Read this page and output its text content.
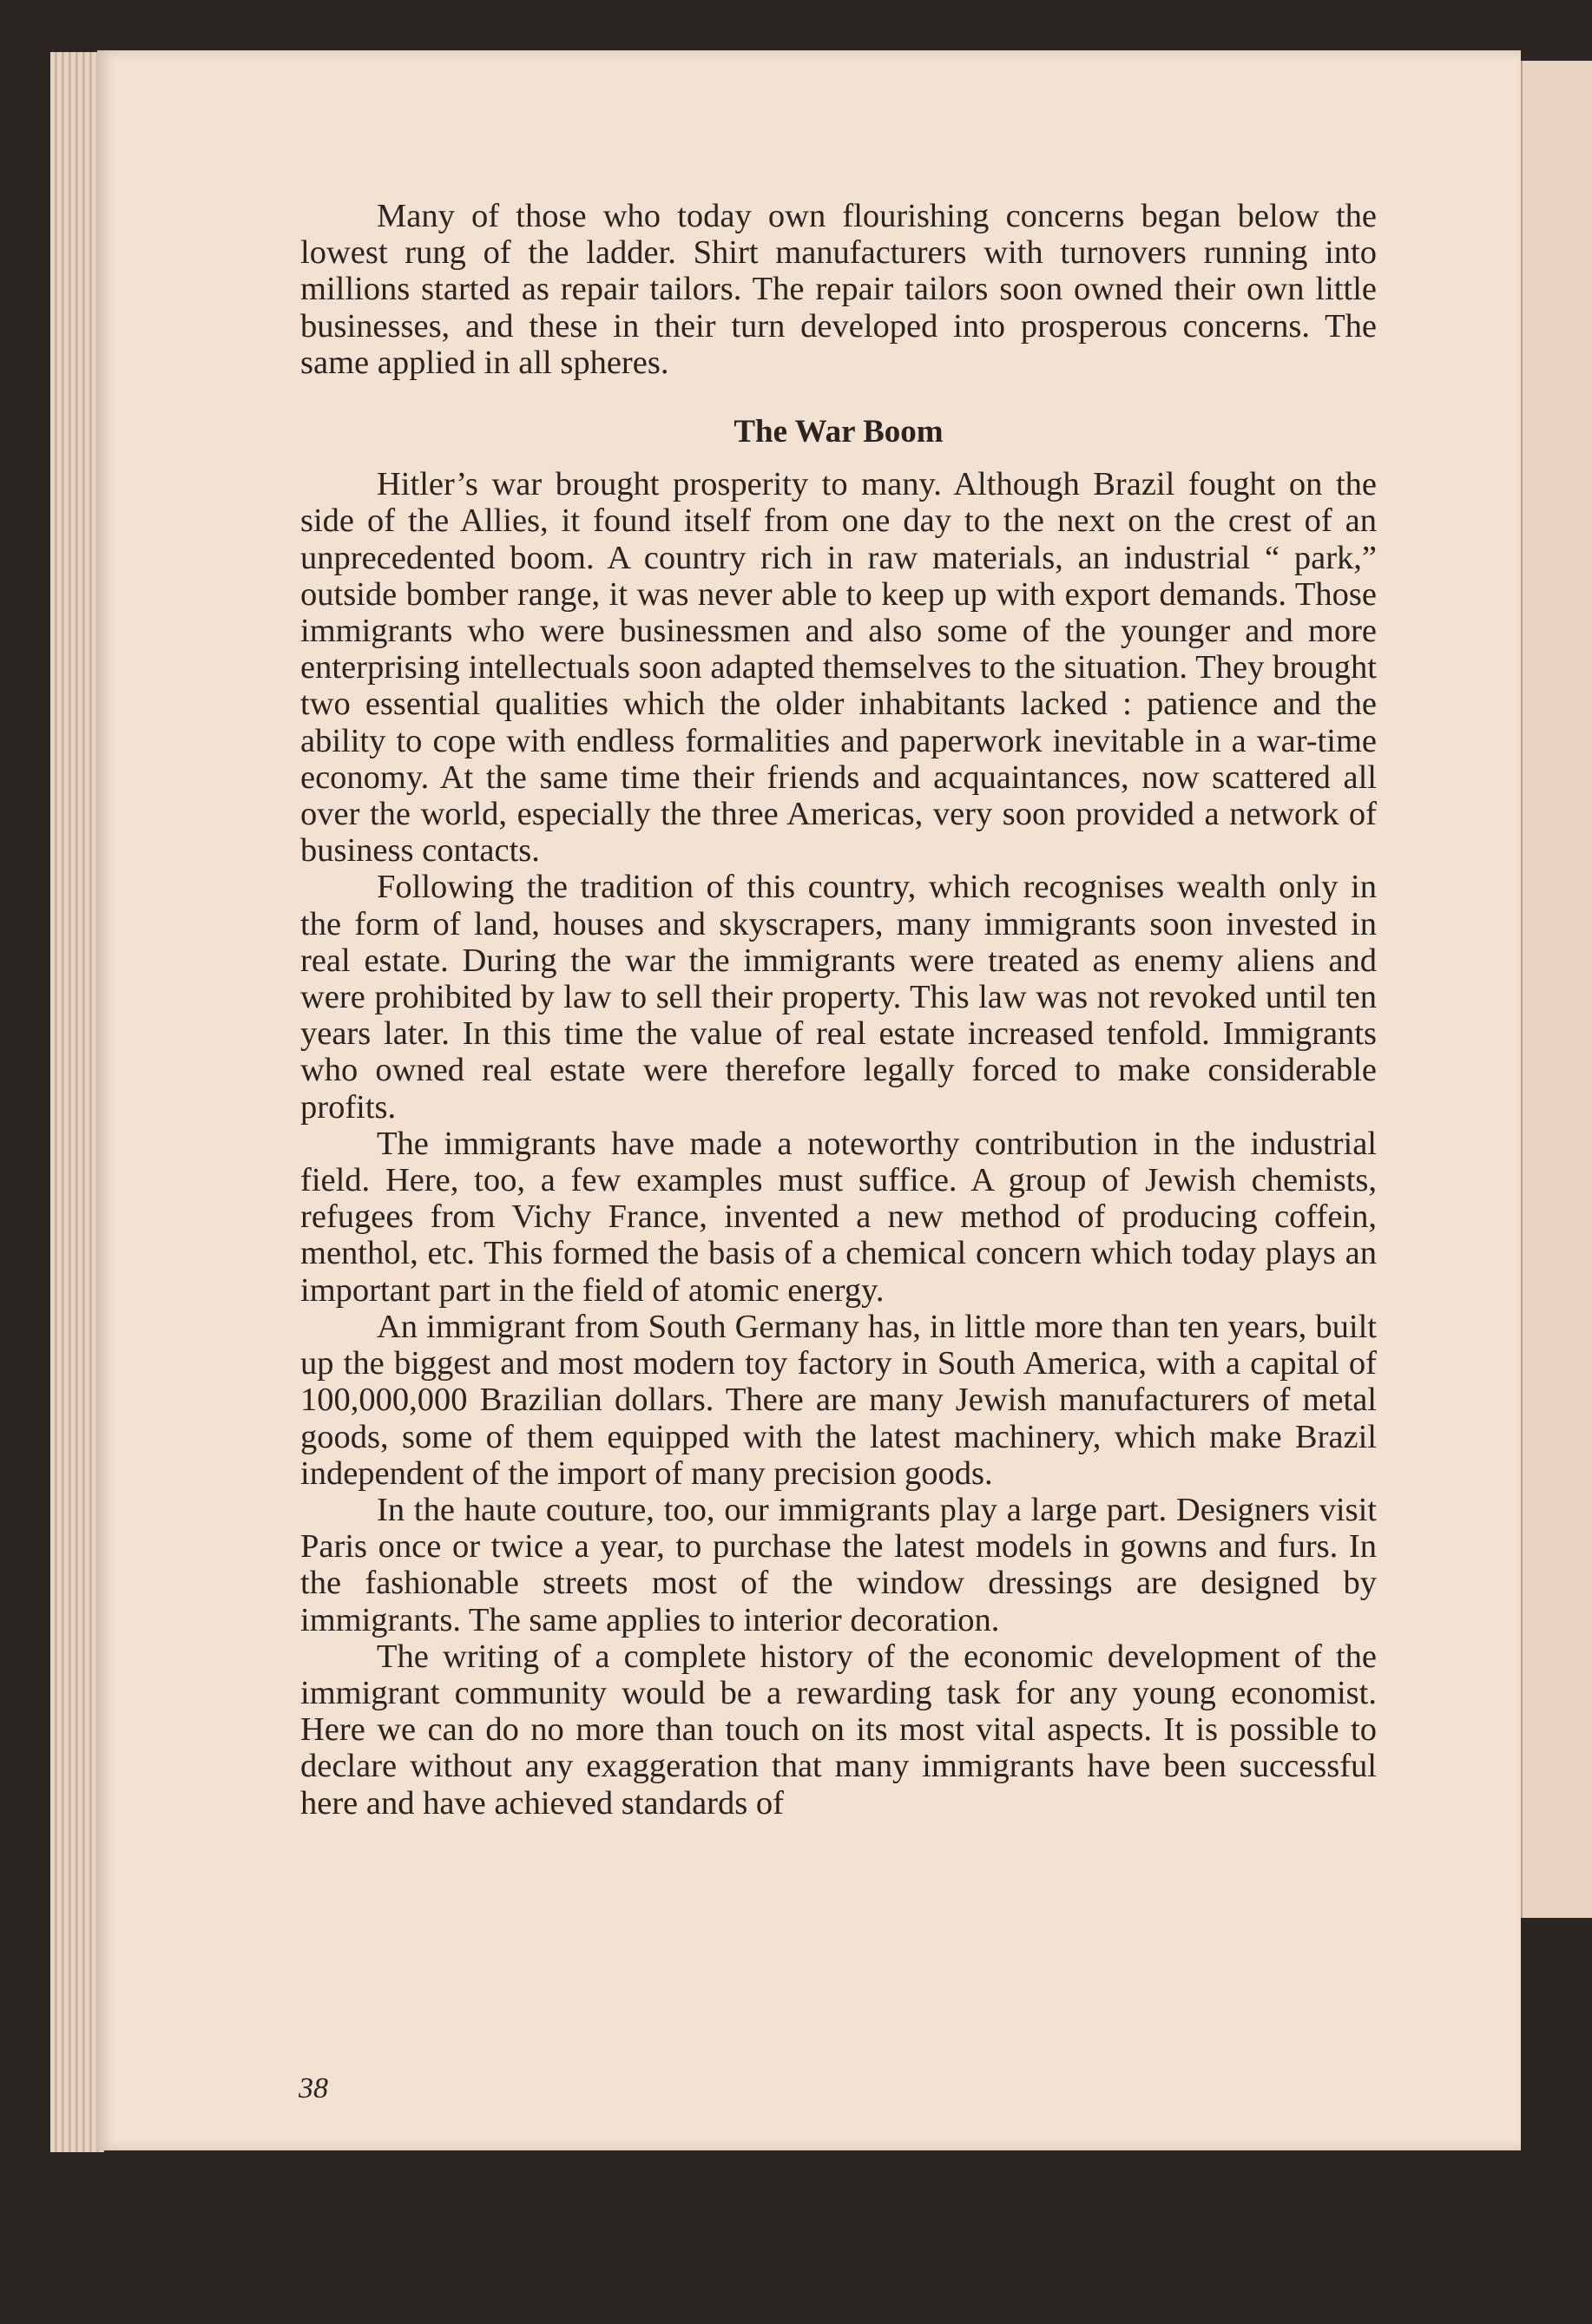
Many of those who today own flourishing concerns began below the lowest rung of the ladder. Shirt manufacturers with turnovers running into millions started as repair tailors. The repair tailors soon owned their own little businesses, and these in their turn developed into prosperous concerns. The same applied in all spheres.

The War Boom

Hitler’s war brought prosperity to many. Although Brazil fought on the side of the Allies, it found itself from one day to the next on the crest of an unprecedented boom. A country rich in raw materials, an industrial “ park,” outside bomber range, it was never able to keep up with export demands. Those immigrants who were businessmen and also some of the younger and more enterprising intellectuals soon adapted themselves to the situation. They brought two essential qualities which the older inhabitants lacked : patience and the ability to cope with endless formalities and paperwork inevitable in a war-time economy. At the same time their friends and acquaintances, now scattered all over the world, especially the three Americas, very soon provided a network of business contacts.

Following the tradition of this country, which recognises wealth only in the form of land, houses and skyscrapers, many immigrants soon invested in real estate. During the war the immigrants were treated as enemy aliens and were prohibited by law to sell their property. This law was not revoked until ten years later. In this time the value of real estate increased tenfold. Immigrants who owned real estate were therefore legally forced to make considerable profits.

The immigrants have made a noteworthy contribution in the industrial field. Here, too, a few examples must suffice. A group of Jewish chemists, refugees from Vichy France, invented a new method of producing coffein, menthol, etc. This formed the basis of a chemical concern which today plays an important part in the field of atomic energy.

An immigrant from South Germany has, in little more than ten years, built up the biggest and most modern toy factory in South America, with a capital of 100,000,000 Brazilian dollars. There are many Jewish manufacturers of metal goods, some of them equipped with the latest machinery, which make Brazil independent of the import of many precision goods.

In the haute couture, too, our immigrants play a large part. Designers visit Paris once or twice a year, to purchase the latest models in gowns and furs. In the fashionable streets most of the window dressings are designed by immigrants. The same applies to interior decoration.

The writing of a complete history of the economic development of the immigrant community would be a rewarding task for any young economist. Here we can do no more than touch on its most vital aspects. It is possible to declare without any exaggeration that many immigrants have been successful here and have achieved standards of

38
